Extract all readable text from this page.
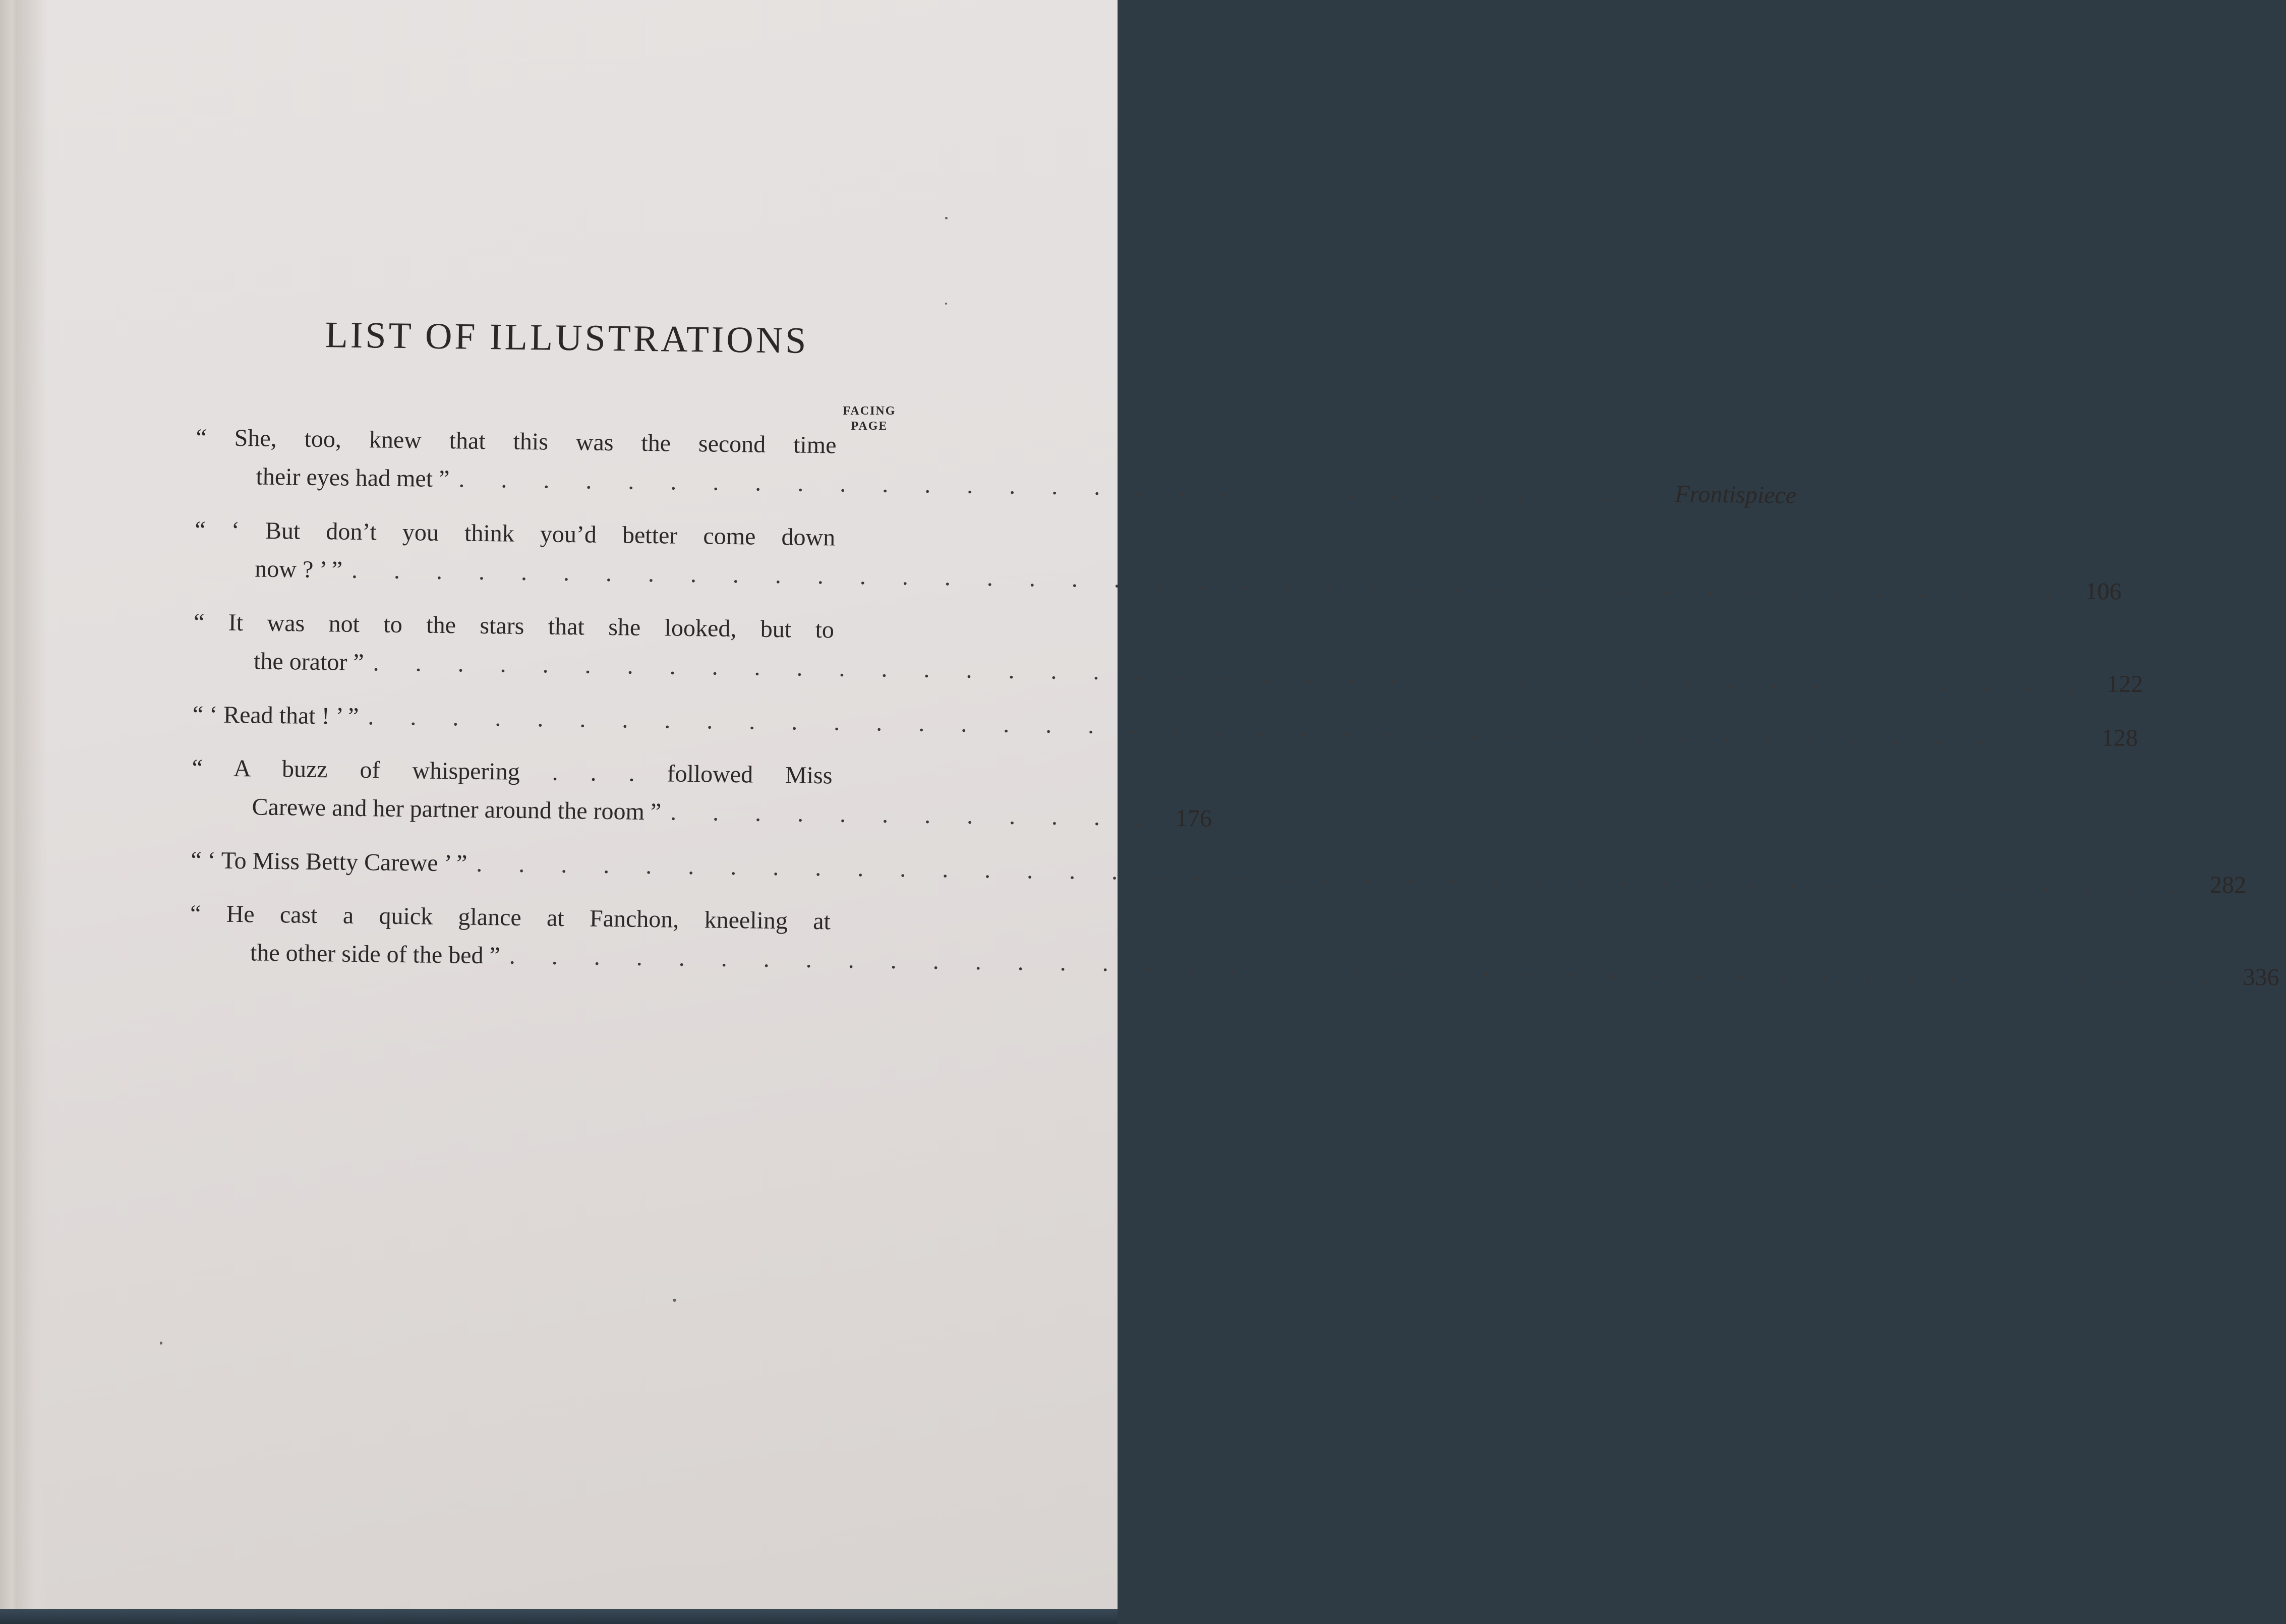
LIST OF ILLUSTRATIONS
FACING
PAGE
“ She, too, knew that this was the second time
their eyes had met ” . . . . . . . . . . . . . . . . . . . . . . . . . . . . . Frontispiece
“ ‘ But don’t you think you’d better come down
now ? ’ ” . . . . . . . . . . . . . . . . . . . . . . . . . . . . . . . . . . . . . . . . . 106
“ It was not to the stars that she looked, but to
the orator ” . . . . . . . . . . . . . . . . . . . . . . . . . . . . . . . . . . . . . . . . . 122
“ ‘ Read that ! ’ ” . . . . . . . . . . . . . . . . . . . . . . . . . . . . . . . . . . . . . . . . . 128
“ A buzz of whispering . . . followed Miss
Carewe and her partner around the room ” . . . . . . . . . . . . 176
“ ‘ To Miss Betty Carewe ’ ” . . . . . . . . . . . . . . . . . . . . . . . . . . . . . . . . . . . . . . . . . 282
“ He cast a quick glance at Fanchon, kneeling at
the other side of the bed ” . . . . . . . . . . . . . . . . . . . . . . . . . . . . . . . . . . . . . . . . . 336
